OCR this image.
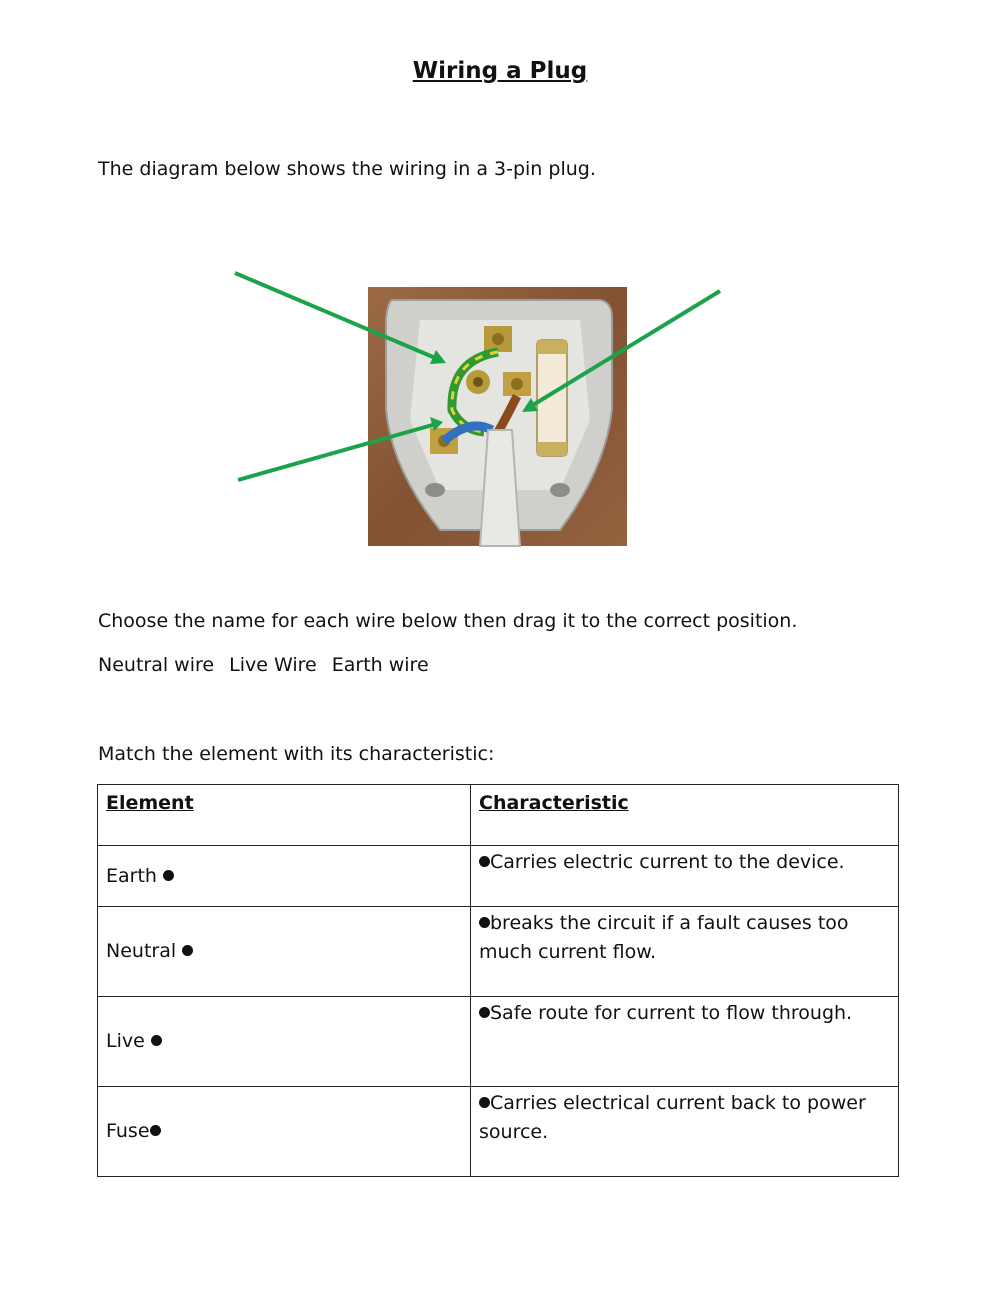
Wiring a Plug
The diagram below shows the wiring in a 3-pin plug.
Choose the name for each wire below then drag it to the correct position.
Neutral wire Live Wire Earth wire
Match the element with its characteristic:
Element	Characteristic
Earth	Carries electric current to the device.
Neutral	breaks the circuit if a fault causes too much current flow.
Live	Safe route for current to flow through.
Fuse	Carries electrical current back to power source.
